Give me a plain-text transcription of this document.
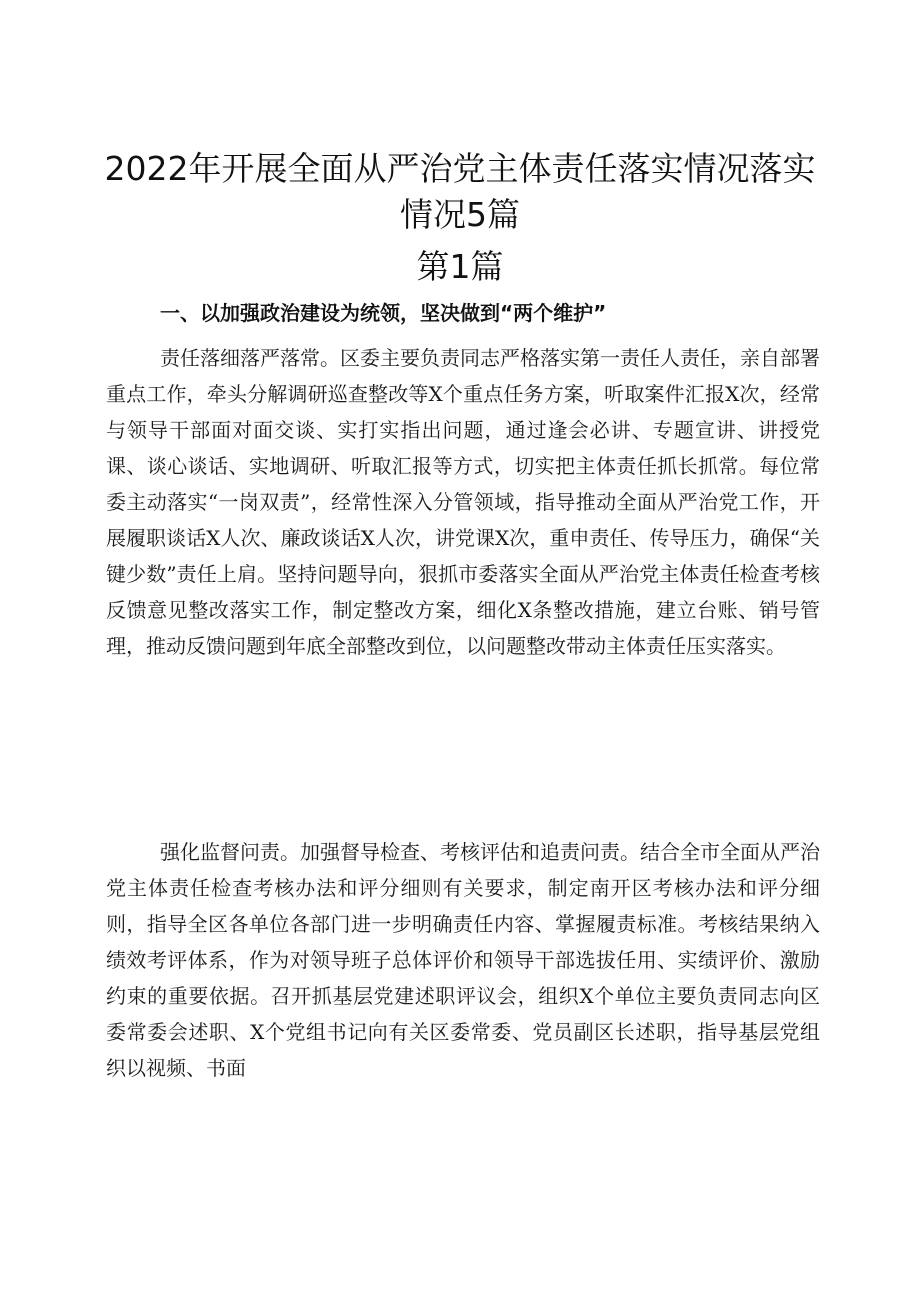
2022年开展全面从严治党主体责任落实情况落实情况5篇
第1篇
一、以加强政治建设为统领，坚决做到“两个维护”

责任落细落严落常。区委主要负责同志严格落实第一责任人责任，亲自部署重点工作，牵头分解调研巡查整改等X个重点任务方案，听取案件汇报X次，经常与领导干部面对面交谈、实打实指出问题，通过逢会必讲、专题宣讲、讲授党课、谈心谈话、实地调研、听取汇报等方式，切实把主体责任抓长抓常。每位常委主动落实“一岗双责”，经常性深入分管领域，指导推动全面从严治党工作，开展履职谈话X人次、廉政谈话X人次，讲党课X次，重申责任、传导压力，确保“关键少数”责任上肩。坚持问题导向，狠抓市委落实全面从严治党主体责任检查考核反馈意见整改落实工作，制定整改方案，细化X条整改措施，建立台账、销号管理，推动反馈问题到年底全部整改到位，以问题整改带动主体责任压实落实。

强化监督问责。加强督导检查、考核评估和追责问责。结合全市全面从严治党主体责任检查考核办法和评分细则有关要求，制定南开区考核办法和评分细则，指导全区各单位各部门进一步明确责任内容、掌握履责标准。考核结果纳入绩效考评体系，作为对领导班子总体评价和领导干部选拔任用、实绩评价、激励约束的重要依据。召开抓基层党建述职评议会，组织X个单位主要负责同志向区委常委会述职、X个党组书记向有关区委常委、党员副区长述职，指导基层党组织以视频、书面
